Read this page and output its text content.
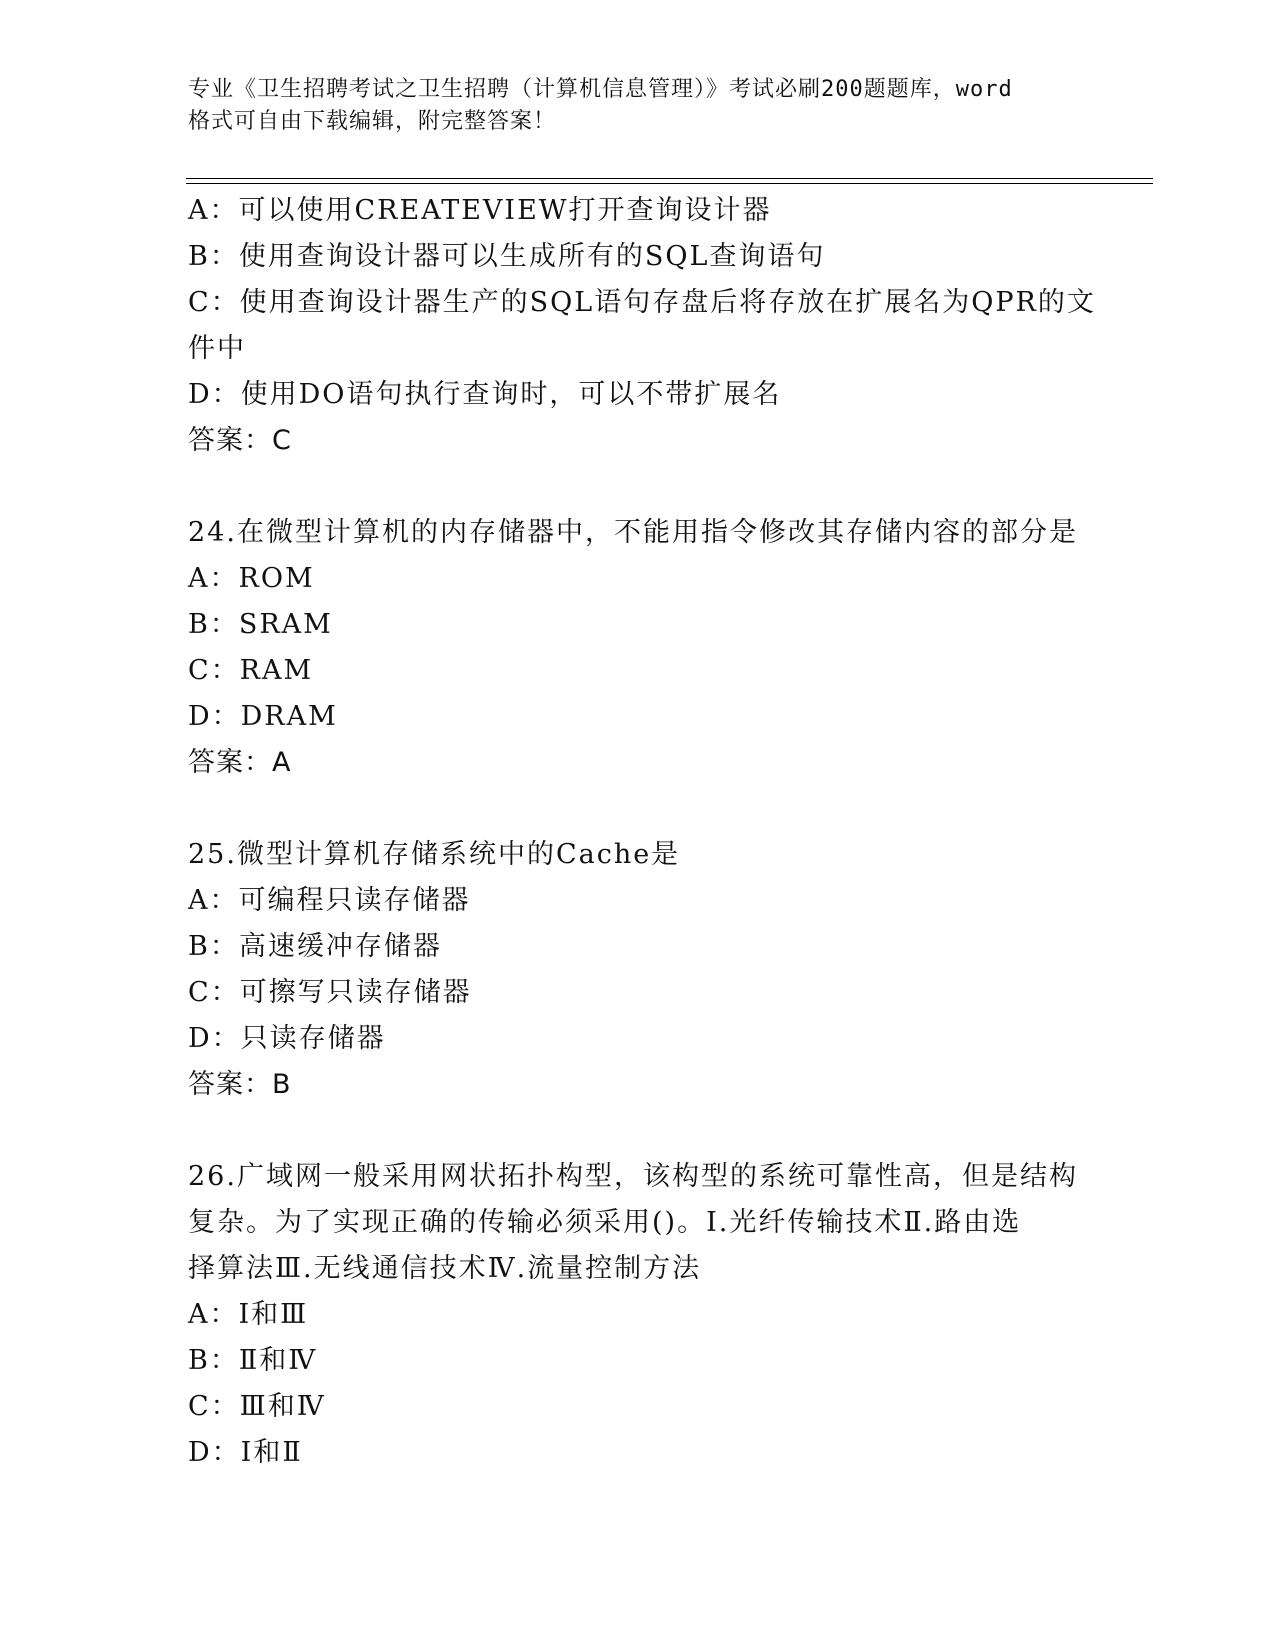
专业《卫生招聘考试之卫生招聘（计算机信息管理）》考试必刷200题题库，word
格式可自由下载编辑，附完整答案！
A：可以使用CREATEVIEW打开查询设计器
B：使用查询设计器可以生成所有的SQL查询语句
C：使用查询设计器生产的SQL语句存盘后将存放在扩展名为QPR的文
件中
D：使用DO语句执行查询时，可以不带扩展名
答案：C
24.在微型计算机的内存储器中，不能用指令修改其存储内容的部分是
A：ROM
B：SRAM
C：RAM
D：DRAM
答案：A
25.微型计算机存储系统中的Cache是
A：可编程只读存储器
B：高速缓冲存储器
C：可擦写只读存储器
D：只读存储器
答案：B
26.广域网一般采用网状拓扑构型，该构型的系统可靠性高，但是结构
复杂。为了实现正确的传输必须采用()。Ⅰ.光纤传输技术Ⅱ.路由选
择算法Ⅲ.无线通信技术Ⅳ.流量控制方法
A：Ⅰ和Ⅲ
B：Ⅱ和Ⅳ
C：Ⅲ和Ⅳ
D：Ⅰ和Ⅱ
